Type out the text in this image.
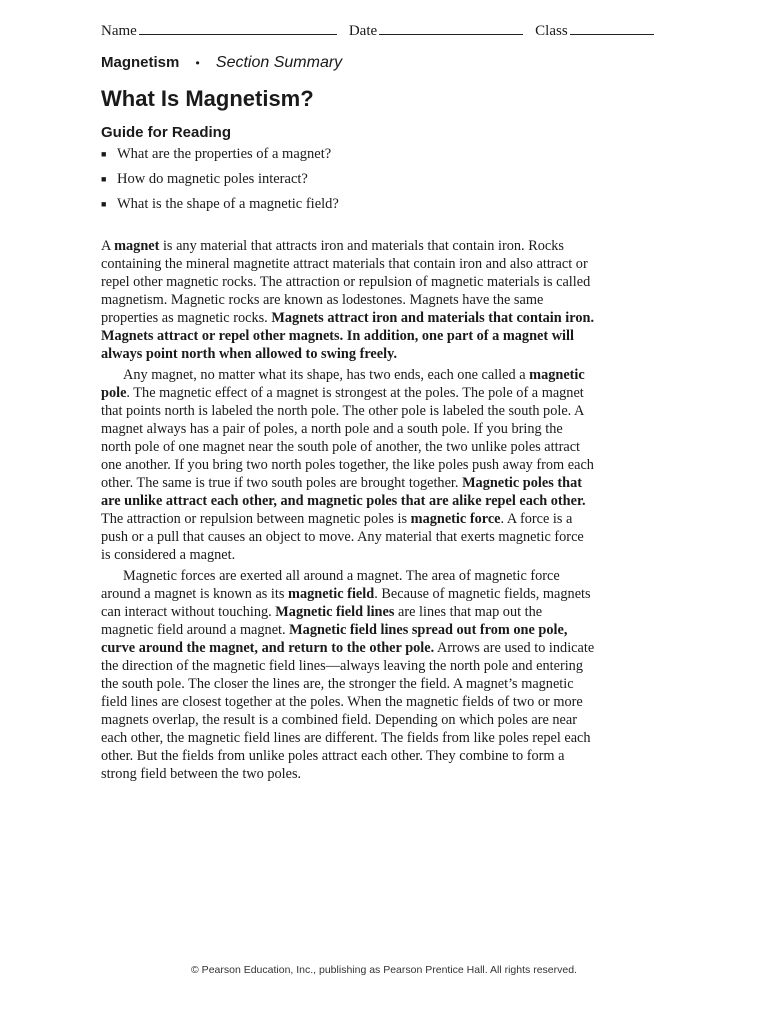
Name	Date	Class
Magnetism • Section Summary
What Is Magnetism?
Guide for Reading
■ What are the properties of a magnet?
■ How do magnetic poles interact?
■ What is the shape of a magnetic field?

A magnet is any material that attracts iron and materials that contain iron. Rocks containing the mineral magnetite attract materials that contain iron and also attract or repel other magnetic rocks. The attraction or repulsion of magnetic materials is called magnetism. Magnetic rocks are known as lodestones. Magnets have the same properties as magnetic rocks. Magnets attract iron and materials that contain iron. Magnets attract or repel other magnets. In addition, one part of a magnet will always point north when allowed to swing freely.

Any magnet, no matter what its shape, has two ends, each one called a magnetic pole. The magnetic effect of a magnet is strongest at the poles. The pole of a magnet that points north is labeled the north pole. The other pole is labeled the south pole. A magnet always has a pair of poles, a north pole and a south pole. If you bring the north pole of one magnet near the south pole of another, the two unlike poles attract one another. If you bring two north poles together, the like poles push away from each other. The same is true if two south poles are brought together. Magnetic poles that are unlike attract each other, and magnetic poles that are alike repel each other. The attraction or repulsion between magnetic poles is magnetic force. A force is a push or a pull that causes an object to move. Any material that exerts magnetic force is considered a magnet.

Magnetic forces are exerted all around a magnet. The area of magnetic force around a magnet is known as its magnetic field. Because of magnetic fields, magnets can interact without touching. Magnetic field lines are lines that map out the magnetic field around a magnet. Magnetic field lines spread out from one pole, curve around the magnet, and return to the other pole. Arrows are used to indicate the direction of the magnetic field lines—always leaving the north pole and entering the south pole. The closer the lines are, the stronger the field. A magnet’s magnetic field lines are closest together at the poles. When the magnetic fields of two or more magnets overlap, the result is a combined field. Depending on which poles are near each other, the magnetic field lines are different. The fields from like poles repel each other. But the fields from unlike poles attract each other. They combine to form a strong field between the two poles.

© Pearson Education, Inc., publishing as Pearson Prentice Hall. All rights reserved.
